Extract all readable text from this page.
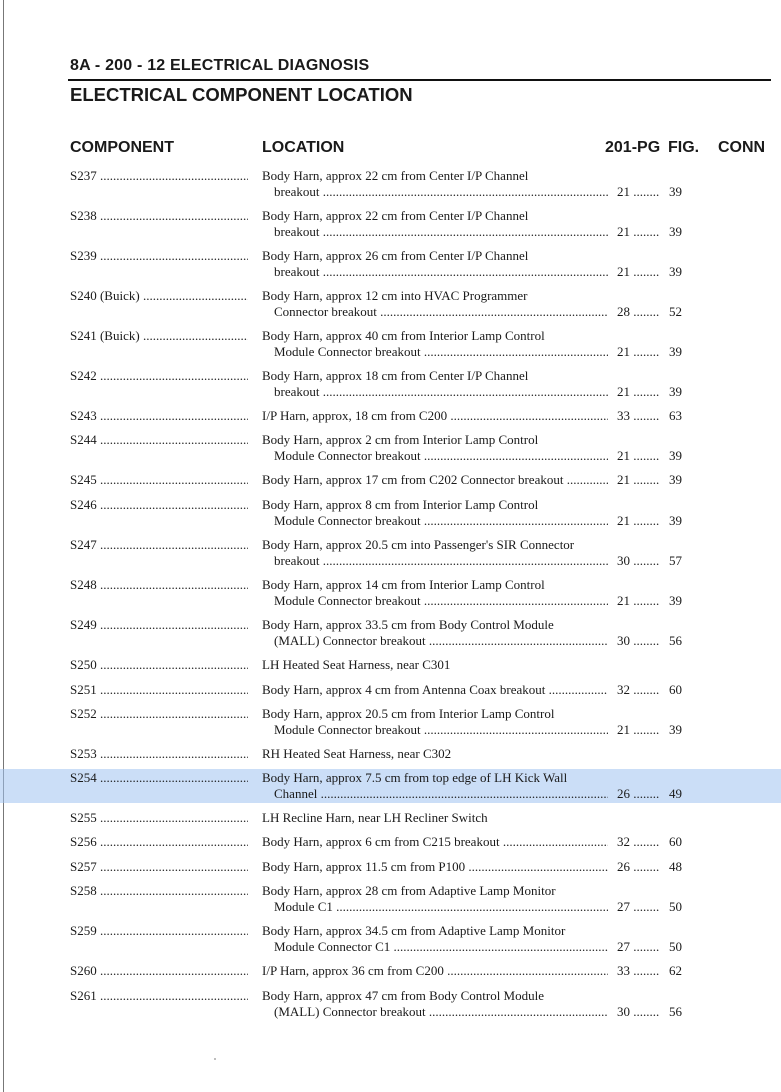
8A - 200 - 12 ELECTRICAL DIAGNOSIS
ELECTRICAL COMPONENT LOCATION
COMPONENT	LOCATION	201-PG FIG. CONN
S237 .....	Body Harn, approx 22 cm from Center I/P Channel
breakout .....	21 .....	39
S238 .....	Body Harn, approx 22 cm from Center I/P Channel
breakout .....	21 .....	39
S239 .....	Body Harn, approx 26 cm from Center I/P Channel
breakout .....	21 .....	39
S240 (Buick) .....	Body Harn, approx 12 cm into HVAC Programmer
Connector breakout .....	28 .....	52
S241 (Buick) .....	Body Harn, approx 40 cm from Interior Lamp Control
Module Connector breakout .....	21 .....	39
S242 .....	Body Harn, approx 18 cm from Center I/P Channel
breakout .....	21 .....	39
S243 .....	I/P Harn, approx, 18 cm from C200 .....	33 .....	63
S244 .....	Body Harn, approx 2 cm from Interior Lamp Control
Module Connector breakout .....	21 .....	39
S245 .....	Body Harn, approx 17 cm from C202 Connector breakout .....	21 .....	39
S246 .....	Body Harn, approx 8 cm from Interior Lamp Control
Module Connector breakout .....	21 .....	39
S247 .....	Body Harn, approx 20.5 cm into Passenger's SIR Connector
breakout .....	30 .....	57
S248 .....	Body Harn, approx 14 cm from Interior Lamp Control
Module Connector breakout .....	21 .....	39
S249 .....	Body Harn, approx 33.5 cm from Body Control Module
(MALL) Connector breakout .....	30 .....	56
S250 .....	LH Heated Seat Harness, near C301
S251 .....	Body Harn, approx 4 cm from Antenna Coax breakout .....	32 .....	60
S252 .....	Body Harn, approx 20.5 cm from Interior Lamp Control
Module Connector breakout .....	21 .....	39
S253 .....	RH Heated Seat Harness, near C302
S254 .....	Body Harn, approx 7.5 cm from top edge of LH Kick Wall
Channel .....	26 .....	49
S255 .....	LH Recline Harn, near LH Recliner Switch
S256 .....	Body Harn, approx 6 cm from C215 breakout .....	32 .....	60
S257 .....	Body Harn, approx 11.5 cm from P100 .....	26 .....	48
S258 .....	Body Harn, approx 28 cm from Adaptive Lamp Monitor
Module C1 .....	27 .....	50
S259 .....	Body Harn, approx 34.5 cm from Adaptive Lamp Monitor
Module Connector C1 .....	27 .....	50
S260 .....	I/P Harn, approx 36 cm from C200 .....	33 .....	62
S261 .....	Body Harn, approx 47 cm from Body Control Module
(MALL) Connector breakout .....	30 .....	56
